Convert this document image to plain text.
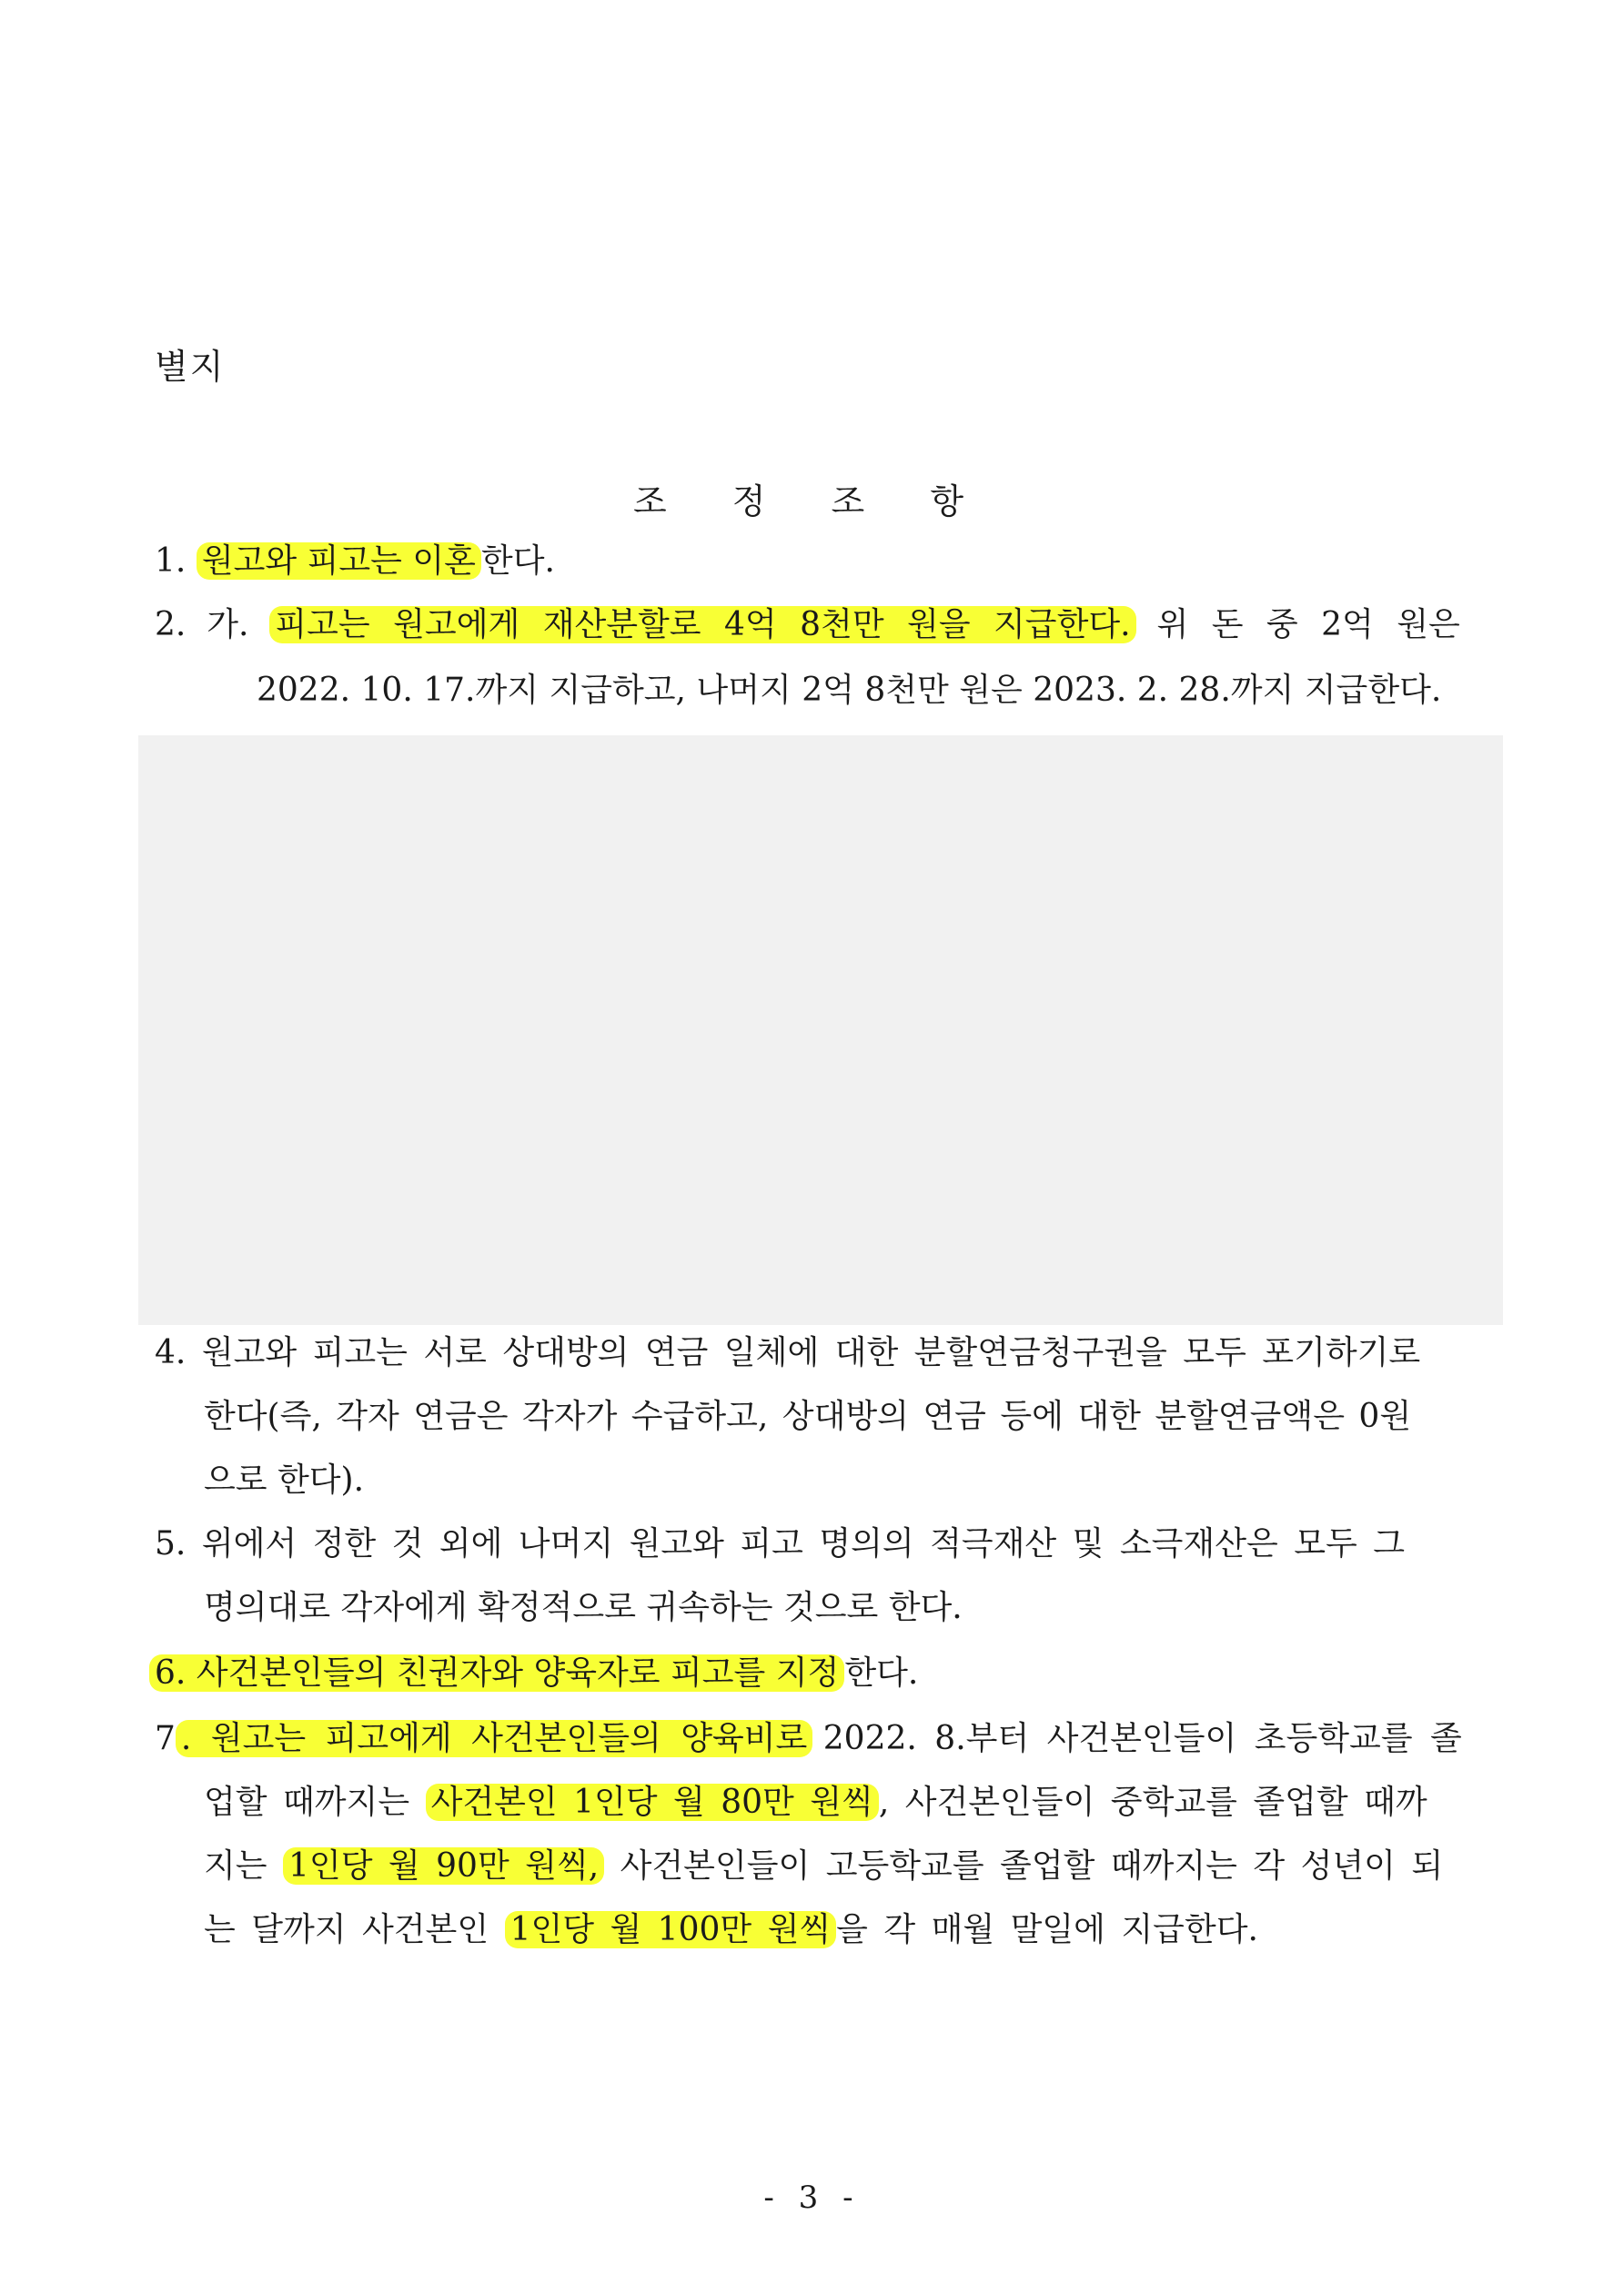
별지
조 정 조 항
1. 원고와 피고는 이혼 한다.
2. 가. 피고는 원고에게 재산분할로 4억 8천만 원을 지급한다. 위 돈 중 2억 원은
2022. 10. 17.까지 지급하고, 나머지 2억 8천만 원은 2023. 2. 28.까지 지급한다.
4. 원고와 피고는 서로 상대방의 연금 일체에 대한 분할연금청구권을 모두 포기하기로
한다(즉, 각자 연금은 각자가 수급하고, 상대방의 연금 등에 대한 분할연금액은 0원
으로 한다).
5. 위에서 정한 것 외에 나머지 원고와 피고 명의의 적극재산 및 소극재산은 모두 그
명의대로 각자에게 확정적으로 귀속하는 것으로 한다.
6. 사건본인들의 친권자와 양육자로 피고를 지정 한다.
7 . 원고는 피고에게 사건본인들의 양육비로 2022. 8.부터 사건본인들이 초등학교를 졸
업할 때까지는 사건본인 1인당 월 80만 원씩 , 사건본인들이 중학교를 졸업할 때까
지는 1인당 월 90만 원씩, 사건본인들이 고등학교를 졸업할 때까지는 각 성년이 되
는 달까지 사건본인 1인당 월 100만 원씩 을 각 매월 말일에 지급한다.
- 3 -
